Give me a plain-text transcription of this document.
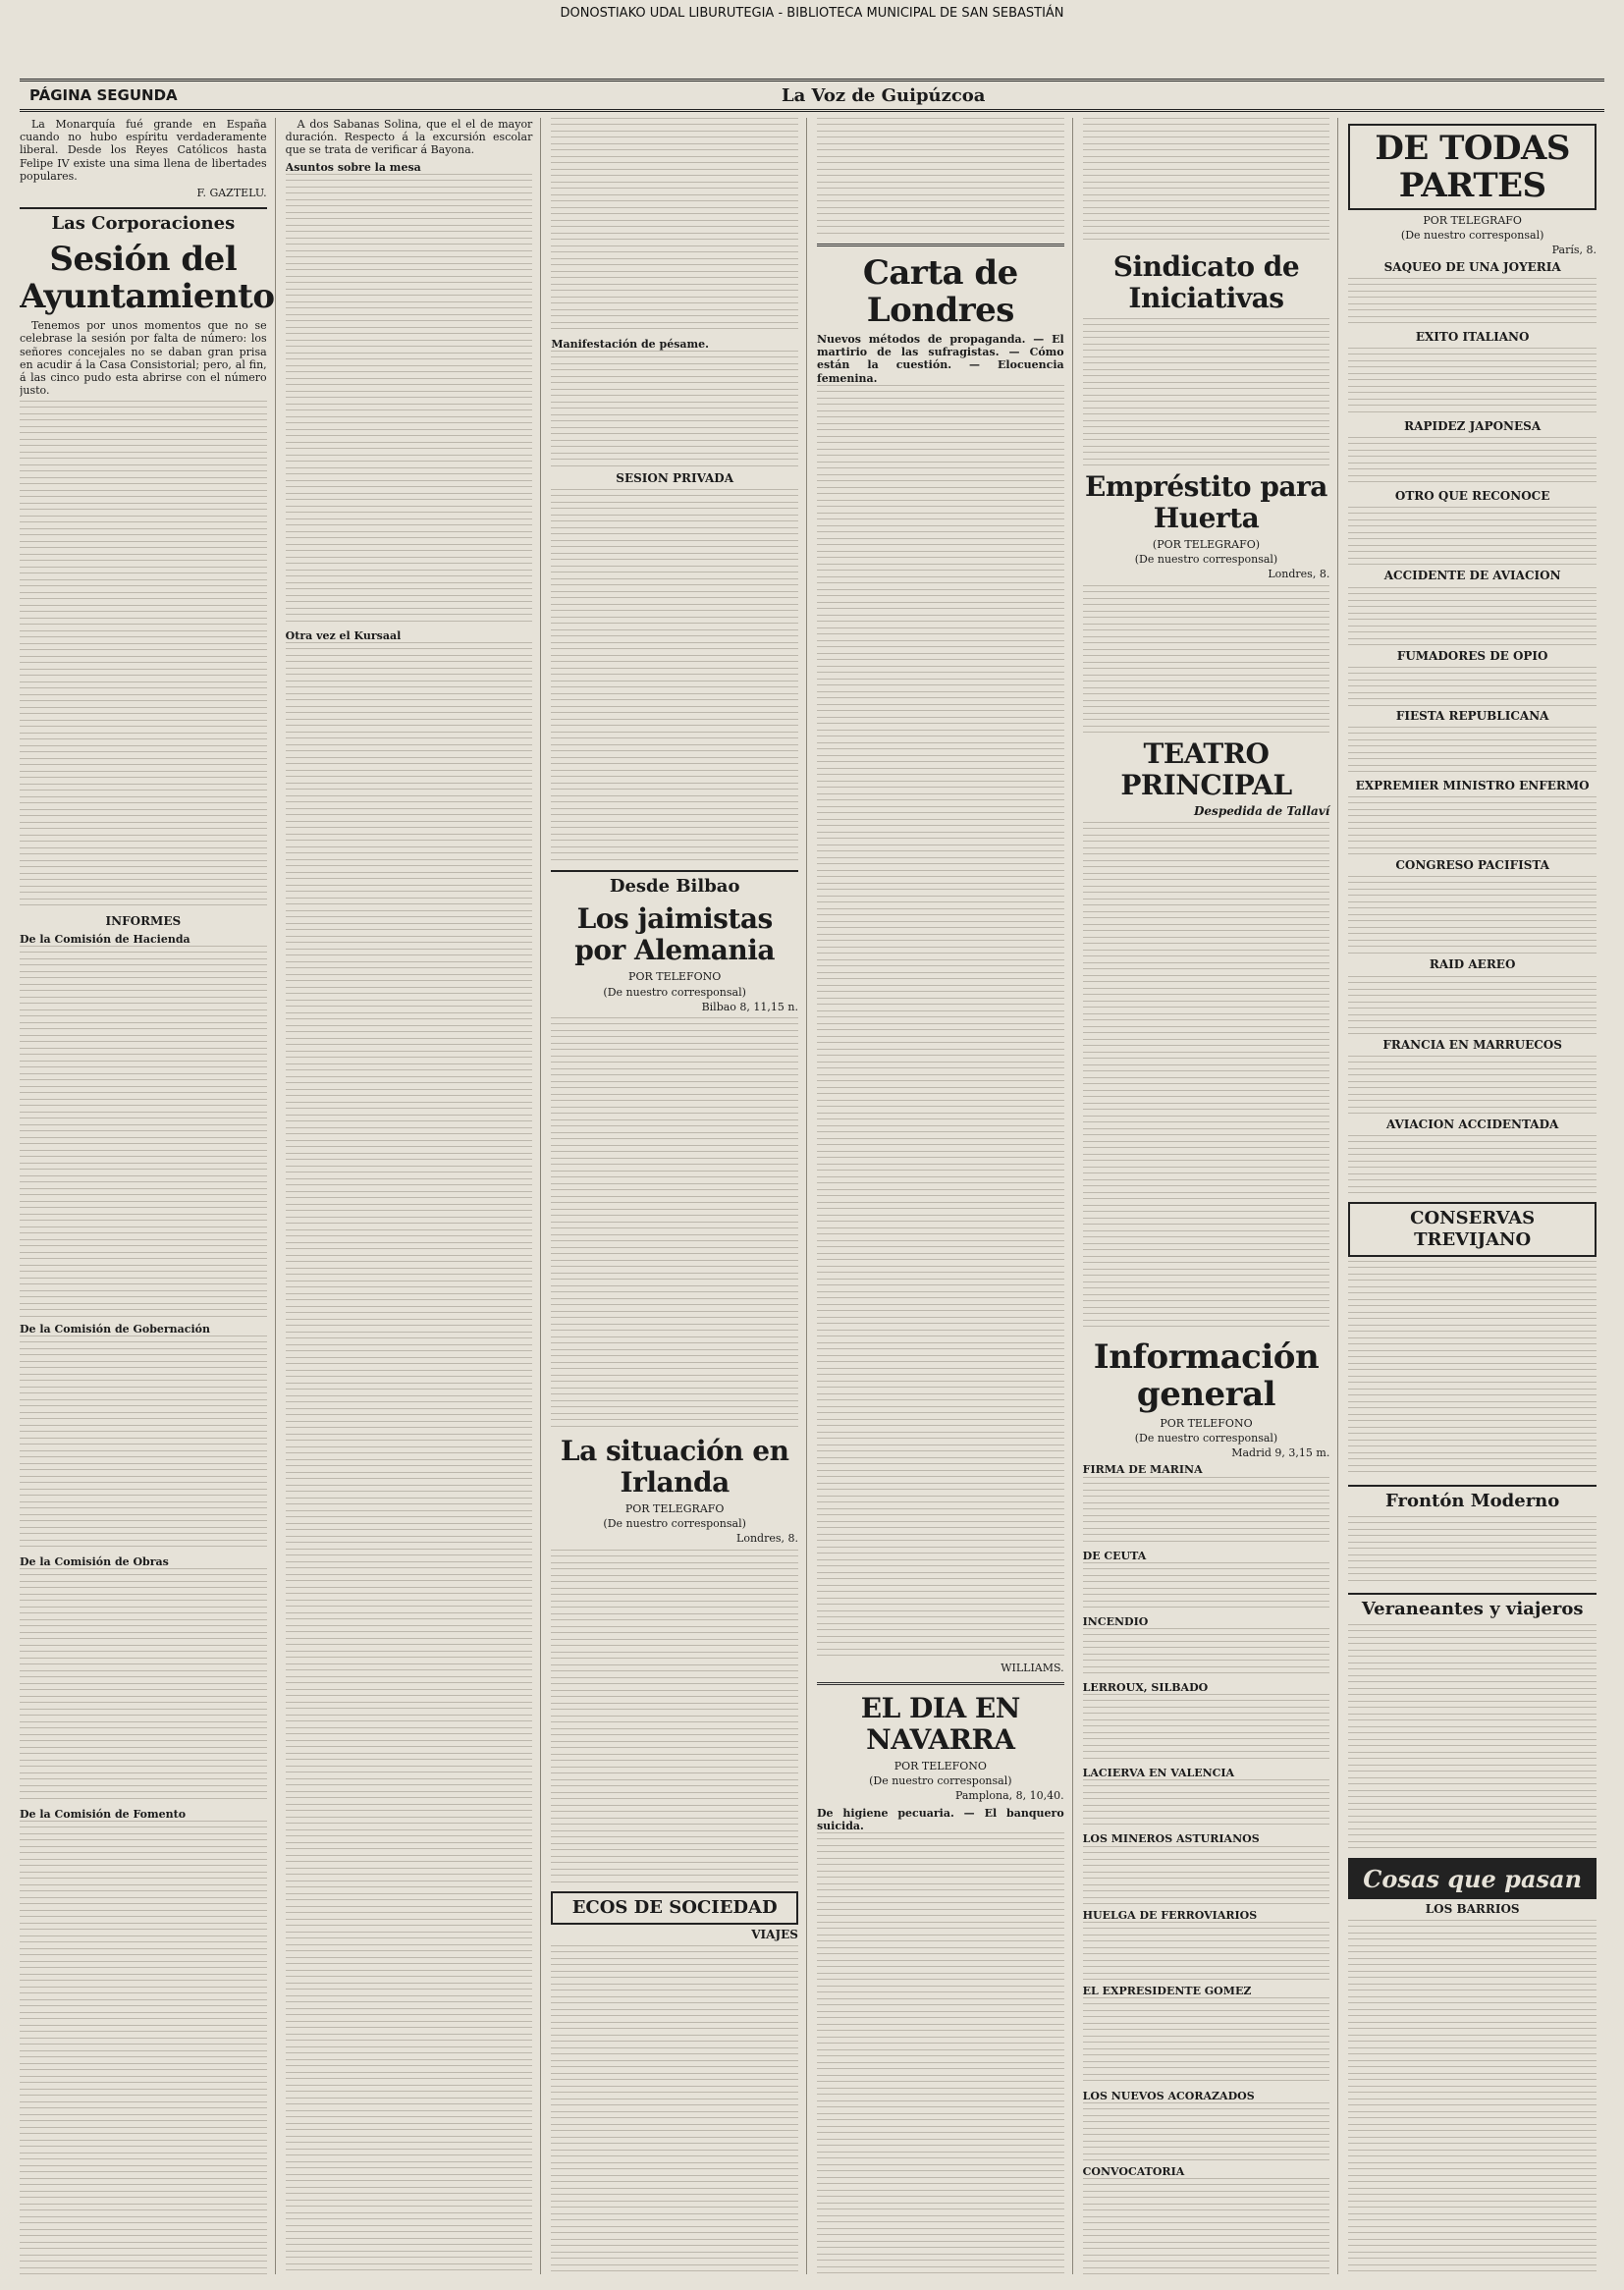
DONOSTIAKO UDAL LIBURUTEGIA - BIBLIOTECA MUNICIPAL DE SAN SEBASTIÁN
PÁGINA SEGUNDA	La Voz de Guipúzcoa

La Monarquía fué grande en España cuando no hubo espíritu verdaderamente liberal. Desde los Reyes Católicos hasta Felipe IV existe una sima llena de libertades populares.

F. GAZTELU.
Las Corporaciones
Sesión del Ayuntamiento

Tenemos por unos momentos que no se celebrase la sesión por falta de número: los señores concejales no se daban gran prisa en acudir á la Casa Consistorial; pero, al fin, á las cinco pudo esta abrirse con el número justo.

INFORMES
De la Comisión de Hacienda
De la Comisión de Gobernación
De la Comisión de Obras
De la Comisión de Fomento

A dos Sabanas Solina, que el el de mayor duración. Respecto á la excursión escolar que se trata de verificar á Bayona.

Asuntos sobre la mesa
Otra vez el Kursaal
Manifestación de pésame.
SESION PRIVADA
Desde Bilbao
Los jaimistas por Alemania
POR TELEFONO
(De nuestro corresponsal)
Bilbao 8, 11,15 n.
La situación en Irlanda
POR TELEGRAFO
(De nuestro corresponsal)
Londres, 8.
ECOS DE SOCIEDAD
VIAJES
Carta de Londres
Nuevos métodos de propaganda. — El martirio de las sufragistas. — Cómo están la cuestión. — Elocuencia femenina.
WILLIAMS.
EL DIA EN NAVARRA
POR TELEFONO
(De nuestro corresponsal)
Pamplona, 8, 10,40.
De higiene pecuaria. — El banquero suicida.
Sindicato de Iniciativas
Empréstito para Huerta
(POR TELEGRAFO)
(De nuestro corresponsal)
Londres, 8.
TEATRO PRINCIPAL
Despedida de Tallaví
Información general
POR TELEFONO
(De nuestro corresponsal)
Madrid 9, 3,15 m.
FIRMA DE MARINA
DE CEUTA
INCENDIO
LERROUX, SILBADO
LACIERVA EN VALENCIA
LOS MINEROS ASTURIANOS
HUELGA DE FERROVIARIOS
EL EXPRESIDENTE GOMEZ
LOS NUEVOS ACORAZADOS
CONVOCATORIA
DE TODAS PARTES
POR TELEGRAFO
(De nuestro corresponsal)
París, 8.
SAQUEO DE UNA JOYERIA
EXITO ITALIANO
RAPIDEZ JAPONESA
OTRO QUE RECONOCE
ACCIDENTE DE AVIACION
FUMADORES DE OPIO
FIESTA REPUBLICANA
EXPREMIER MINISTRO ENFERMO
CONGRESO PACIFISTA
RAID AEREO
FRANCIA EN MARRUECOS
AVIACION ACCIDENTADA
CONSERVAS TREVIJANO
Frontón Moderno
Veraneantes y viajeros
Cosas que pasan
LOS BARRIOS
